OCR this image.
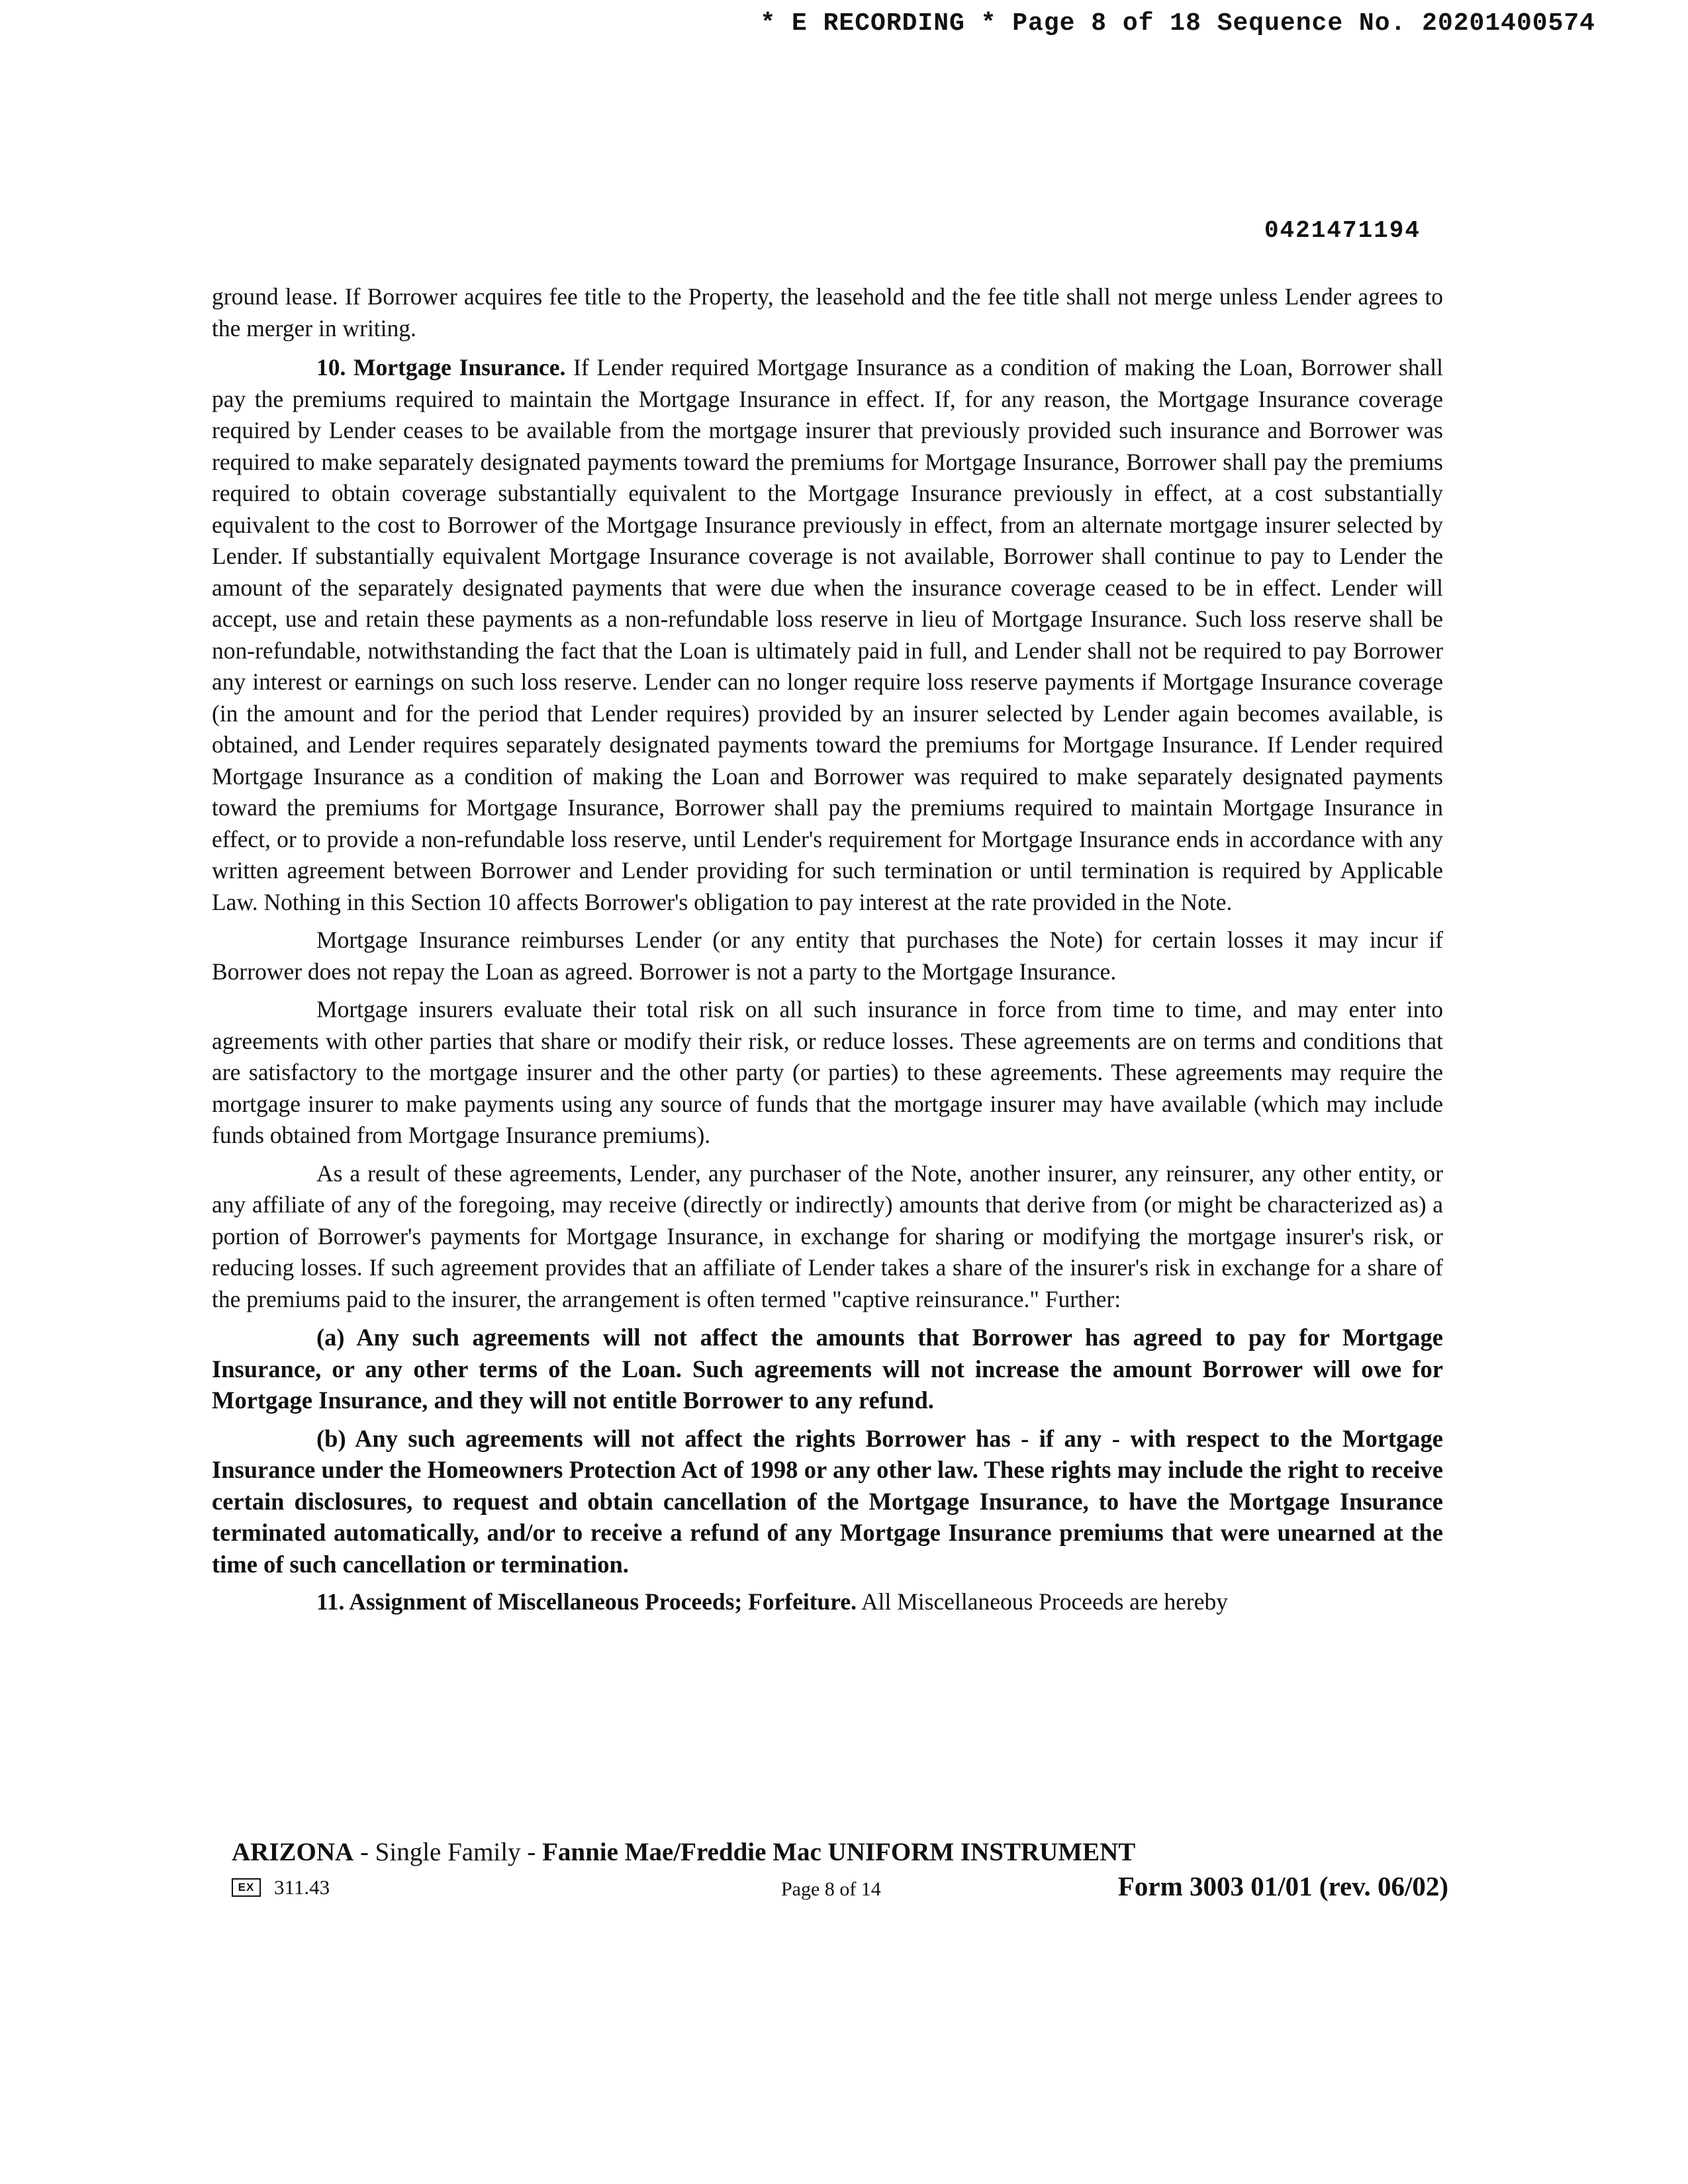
* E RECORDING * Page 8 of 18 Sequence No. 20201400574
0421471194

ground lease. If Borrower acquires fee title to the Property, the leasehold and the fee title shall not merge unless Lender agrees to the merger in writing.

10. Mortgage Insurance. If Lender required Mortgage Insurance as a condition of making the Loan, Borrower shall pay the premiums required to maintain the Mortgage Insurance in effect. If, for any reason, the Mortgage Insurance coverage required by Lender ceases to be available from the mortgage insurer that previously provided such insurance and Borrower was required to make separately designated payments toward the premiums for Mortgage Insurance, Borrower shall pay the premiums required to obtain coverage substantially equivalent to the Mortgage Insurance previously in effect, at a cost substantially equivalent to the cost to Borrower of the Mortgage Insurance previously in effect, from an alternate mortgage insurer selected by Lender. If substantially equivalent Mortgage Insurance coverage is not available, Borrower shall continue to pay to Lender the amount of the separately designated payments that were due when the insurance coverage ceased to be in effect. Lender will accept, use and retain these payments as a non-refundable loss reserve in lieu of Mortgage Insurance. Such loss reserve shall be non-refundable, notwithstanding the fact that the Loan is ultimately paid in full, and Lender shall not be required to pay Borrower any interest or earnings on such loss reserve. Lender can no longer require loss reserve payments if Mortgage Insurance coverage (in the amount and for the period that Lender requires) provided by an insurer selected by Lender again becomes available, is obtained, and Lender requires separately designated payments toward the premiums for Mortgage Insurance. If Lender required Mortgage Insurance as a condition of making the Loan and Borrower was required to make separately designated payments toward the premiums for Mortgage Insurance, Borrower shall pay the premiums required to maintain Mortgage Insurance in effect, or to provide a non-refundable loss reserve, until Lender's requirement for Mortgage Insurance ends in accordance with any written agreement between Borrower and Lender providing for such termination or until termination is required by Applicable Law. Nothing in this Section 10 affects Borrower's obligation to pay interest at the rate provided in the Note.

Mortgage Insurance reimburses Lender (or any entity that purchases the Note) for certain losses it may incur if Borrower does not repay the Loan as agreed. Borrower is not a party to the Mortgage Insurance.

Mortgage insurers evaluate their total risk on all such insurance in force from time to time, and may enter into agreements with other parties that share or modify their risk, or reduce losses. These agreements are on terms and conditions that are satisfactory to the mortgage insurer and the other party (or parties) to these agreements. These agreements may require the mortgage insurer to make payments using any source of funds that the mortgage insurer may have available (which may include funds obtained from Mortgage Insurance premiums).

As a result of these agreements, Lender, any purchaser of the Note, another insurer, any reinsurer, any other entity, or any affiliate of any of the foregoing, may receive (directly or indirectly) amounts that derive from (or might be characterized as) a portion of Borrower's payments for Mortgage Insurance, in exchange for sharing or modifying the mortgage insurer's risk, or reducing losses. If such agreement provides that an affiliate of Lender takes a share of the insurer's risk in exchange for a share of the premiums paid to the insurer, the arrangement is often termed "captive reinsurance." Further:

(a) Any such agreements will not affect the amounts that Borrower has agreed to pay for Mortgage Insurance, or any other terms of the Loan. Such agreements will not increase the amount Borrower will owe for Mortgage Insurance, and they will not entitle Borrower to any refund.

(b) Any such agreements will not affect the rights Borrower has - if any - with respect to the Mortgage Insurance under the Homeowners Protection Act of 1998 or any other law. These rights may include the right to receive certain disclosures, to request and obtain cancellation of the Mortgage Insurance, to have the Mortgage Insurance terminated automatically, and/or to receive a refund of any Mortgage Insurance premiums that were unearned at the time of such cancellation or termination.

11. Assignment of Miscellaneous Proceeds; Forfeiture. All Miscellaneous Proceeds are hereby

ARIZONA - Single Family - Fannie Mae/Freddie Mac UNIFORM INSTRUMENT
EX 311.43	Page 8 of 14	Form 3003 01/01 (rev. 06/02)
